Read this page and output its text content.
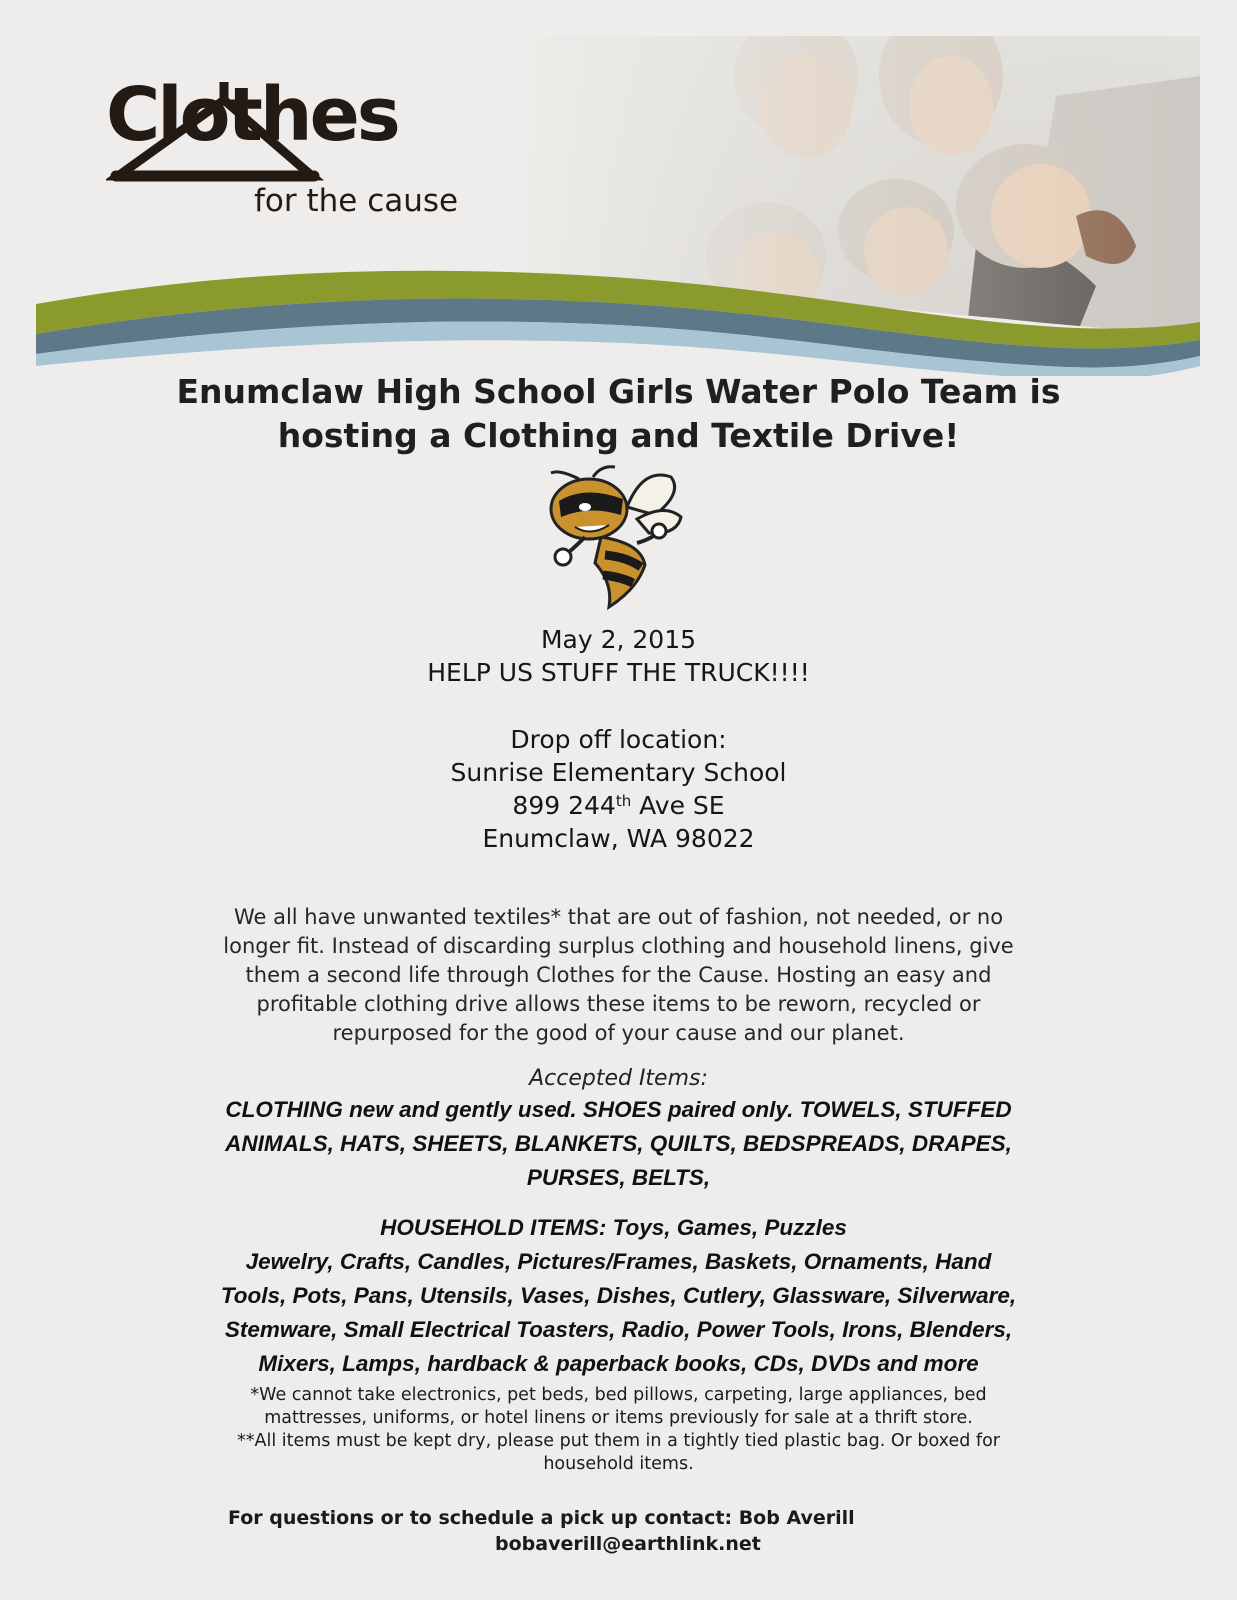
Clothes
for the cause

Enumclaw High School Girls Water Polo Team is

hosting a Clothing and Textile Drive!

May 2, 2015

HELP US STUFF THE TRUCK!!!!

Drop off location:

Sunrise Elementary School

899 244th Ave SE

Enumclaw, WA 98022

We all have unwanted textiles* that are out of fashion, not needed, or no
longer fit. Instead of discarding surplus clothing and household linens, give
them a second life through Clothes for the Cause. Hosting an easy and
profitable clothing drive allows these items to be reworn, recycled or
repurposed for the good of your cause and our planet.

Accepted Items:

CLOTHING new and gently used. SHOES paired only. TOWELS, STUFFED
ANIMALS, HATS, SHEETS, BLANKETS, QUILTS, BEDSPREADS, DRAPES,
PURSES, BELTS,
HOUSEHOLD ITEMS: Toys, Games, Puzzles
Jewelry, Crafts, Candles, Pictures/Frames, Baskets, Ornaments, Hand
Tools, Pots, Pans, Utensils, Vases, Dishes, Cutlery, Glassware, Silverware,
Stemware, Small Electrical Toasters, Radio, Power Tools, Irons, Blenders,
Mixers, Lamps, hardback & paperback books, CDs, DVDs and more
*We cannot take electronics, pet beds, bed pillows, carpeting, large appliances, bed
mattresses, uniforms, or hotel linens or items previously for sale at a thrift store.
**All items must be kept dry, please put them in a tightly tied plastic bag. Or boxed for
household items.

For questions or to schedule a pick up contact: Bob Averill

bobaverill@earthlink.net
